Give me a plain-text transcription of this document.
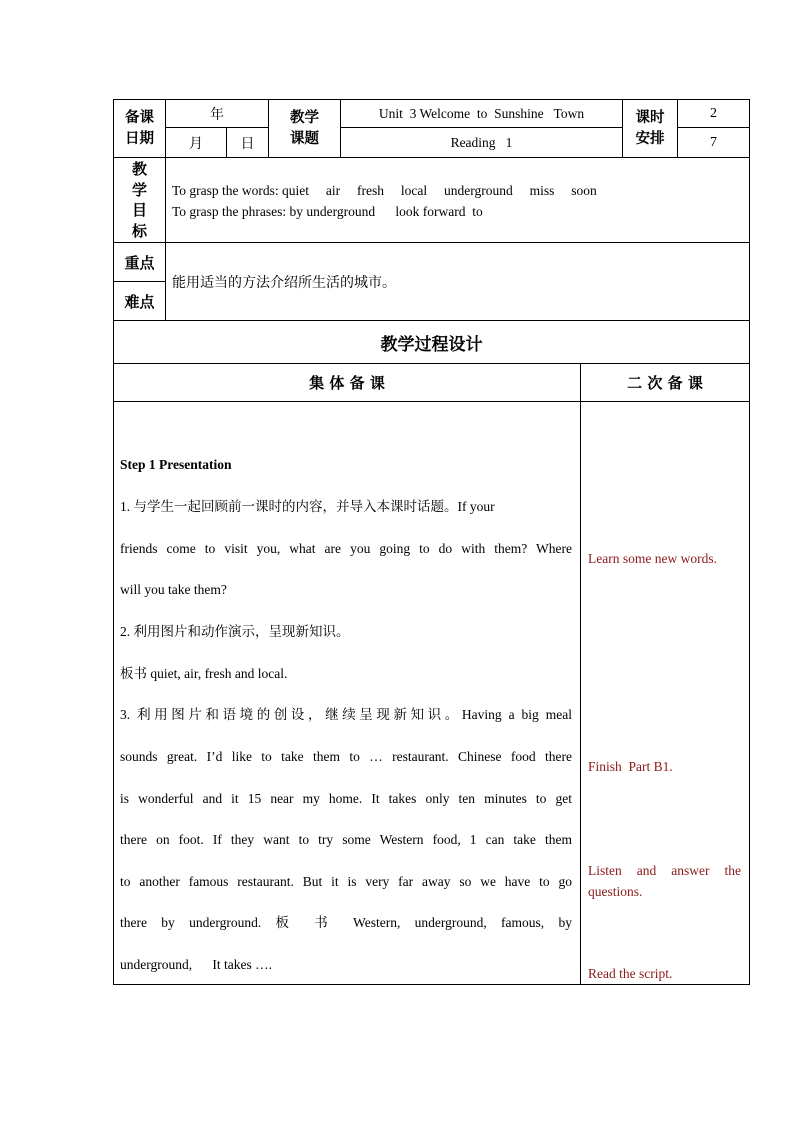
备课
日期
年
月	日
教学
课题
Unit  3 Welcome  to  Sunshine   Town
Reading   1
课时
安排
2
7
教
学
目
标
To grasp the words: quiet     air     fresh     local     underground     miss     soon
To grasp the phrases: by underground      look forward  to
重点
难点
能用适当的方法介绍所生活的城市。
教学过程设计
集 体 备 课	二 次 备 课
Step 1 Presentation
1. 与学生一起回顾前一课时的内容，并导入本课时话题。If your
friends come to visit you, what are you going to do with them? Where
will you take them?
2. 利用图片和动作演示，呈现新知识。
板书 quiet, air, fresh and local.
3. 利用图片和语境的创设，继续呈现新知识。Having a big meal
sounds great. I’d like to take them to … restaurant. Chinese food there
is wonderful and it 15 near my home. It takes only ten minutes to get
there on foot. If they want to try some Western food, 1 can take them
to another famous restaurant. But it is very far away so we have to go
there by underground. 板 书 Western, underground, famous, by
underground,      It takes ….
Learn some new words.
Finish  Part B1.
Listen and answer the
questions.
Read the script.
